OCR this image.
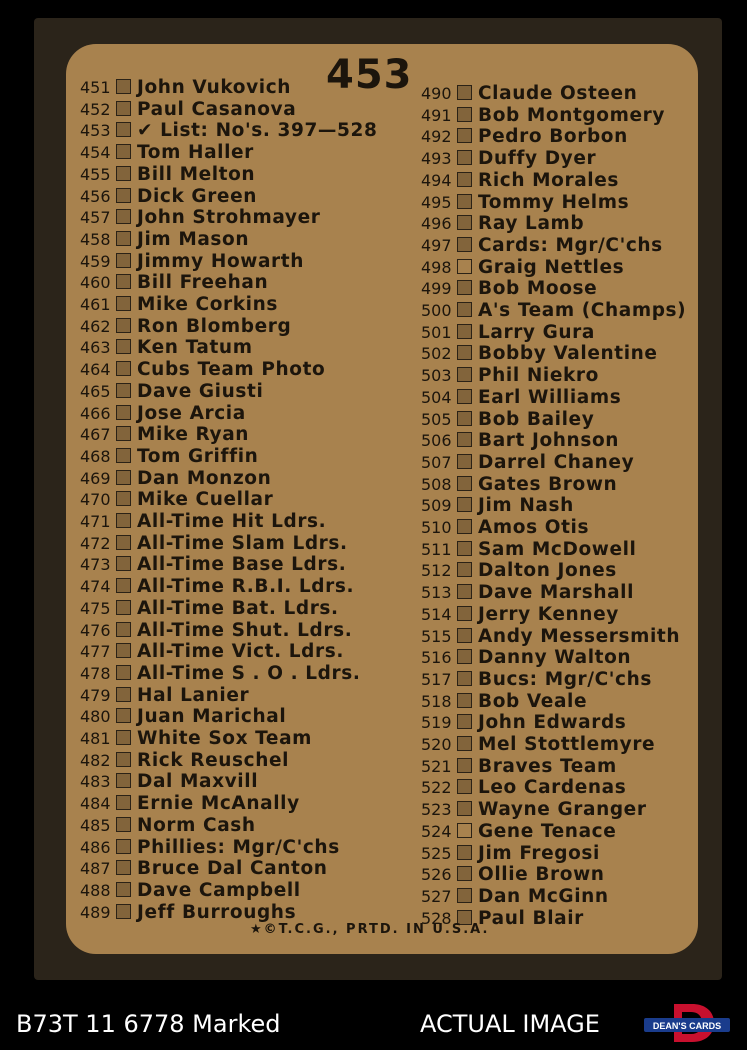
453
451 John Vukovich
452 Paul Casanova
453 ✔ List: No's. 397—528
454 Tom Haller
455 Bill Melton
456 Dick Green
457 John Strohmayer
458 Jim Mason
459 Jimmy Howarth
460 Bill Freehan
461 Mike Corkins
462 Ron Blomberg
463 Ken Tatum
464 Cubs Team Photo
465 Dave Giusti
466 Jose Arcia
467 Mike Ryan
468 Tom Griffin
469 Dan Monzon
470 Mike Cuellar
471 All-Time Hit Ldrs.
472 All-Time Slam Ldrs.
473 All-Time Base Ldrs.
474 All-Time R.B.I. Ldrs.
475 All-Time Bat. Ldrs.
476 All-Time Shut. Ldrs.
477 All-Time Vict. Ldrs.
478 All-Time S . O . Ldrs.
479 Hal Lanier
480 Juan Marichal
481 White Sox Team
482 Rick Reuschel
483 Dal Maxvill
484 Ernie McAnally
485 Norm Cash
486 Phillies: Mgr/C'chs
487 Bruce Dal Canton
488 Dave Campbell
489 Jeff Burroughs
490 Claude Osteen
491 Bob Montgomery
492 Pedro Borbon
493 Duffy Dyer
494 Rich Morales
495 Tommy Helms
496 Ray Lamb
497 Cards: Mgr/C'chs
498 Graig Nettles
499 Bob Moose
500 A's Team (Champs)
501 Larry Gura
502 Bobby Valentine
503 Phil Niekro
504 Earl Williams
505 Bob Bailey
506 Bart Johnson
507 Darrel Chaney
508 Gates Brown
509 Jim Nash
510 Amos Otis
511 Sam McDowell
512 Dalton Jones
513 Dave Marshall
514 Jerry Kenney
515 Andy Messersmith
516 Danny Walton
517 Bucs: Mgr/C'chs
518 Bob Veale
519 John Edwards
520 Mel Stottlemyre
521 Braves Team
522 Leo Cardenas
523 Wayne Granger
524 Gene Tenace
525 Jim Fregosi
526 Ollie Brown
527 Dan McGinn
528 Paul Blair
★©T.C.G., PRTD. IN U.S.A.
B73T 11 6778 Marked	ACTUAL IMAGE	DEAN'S CARDS
